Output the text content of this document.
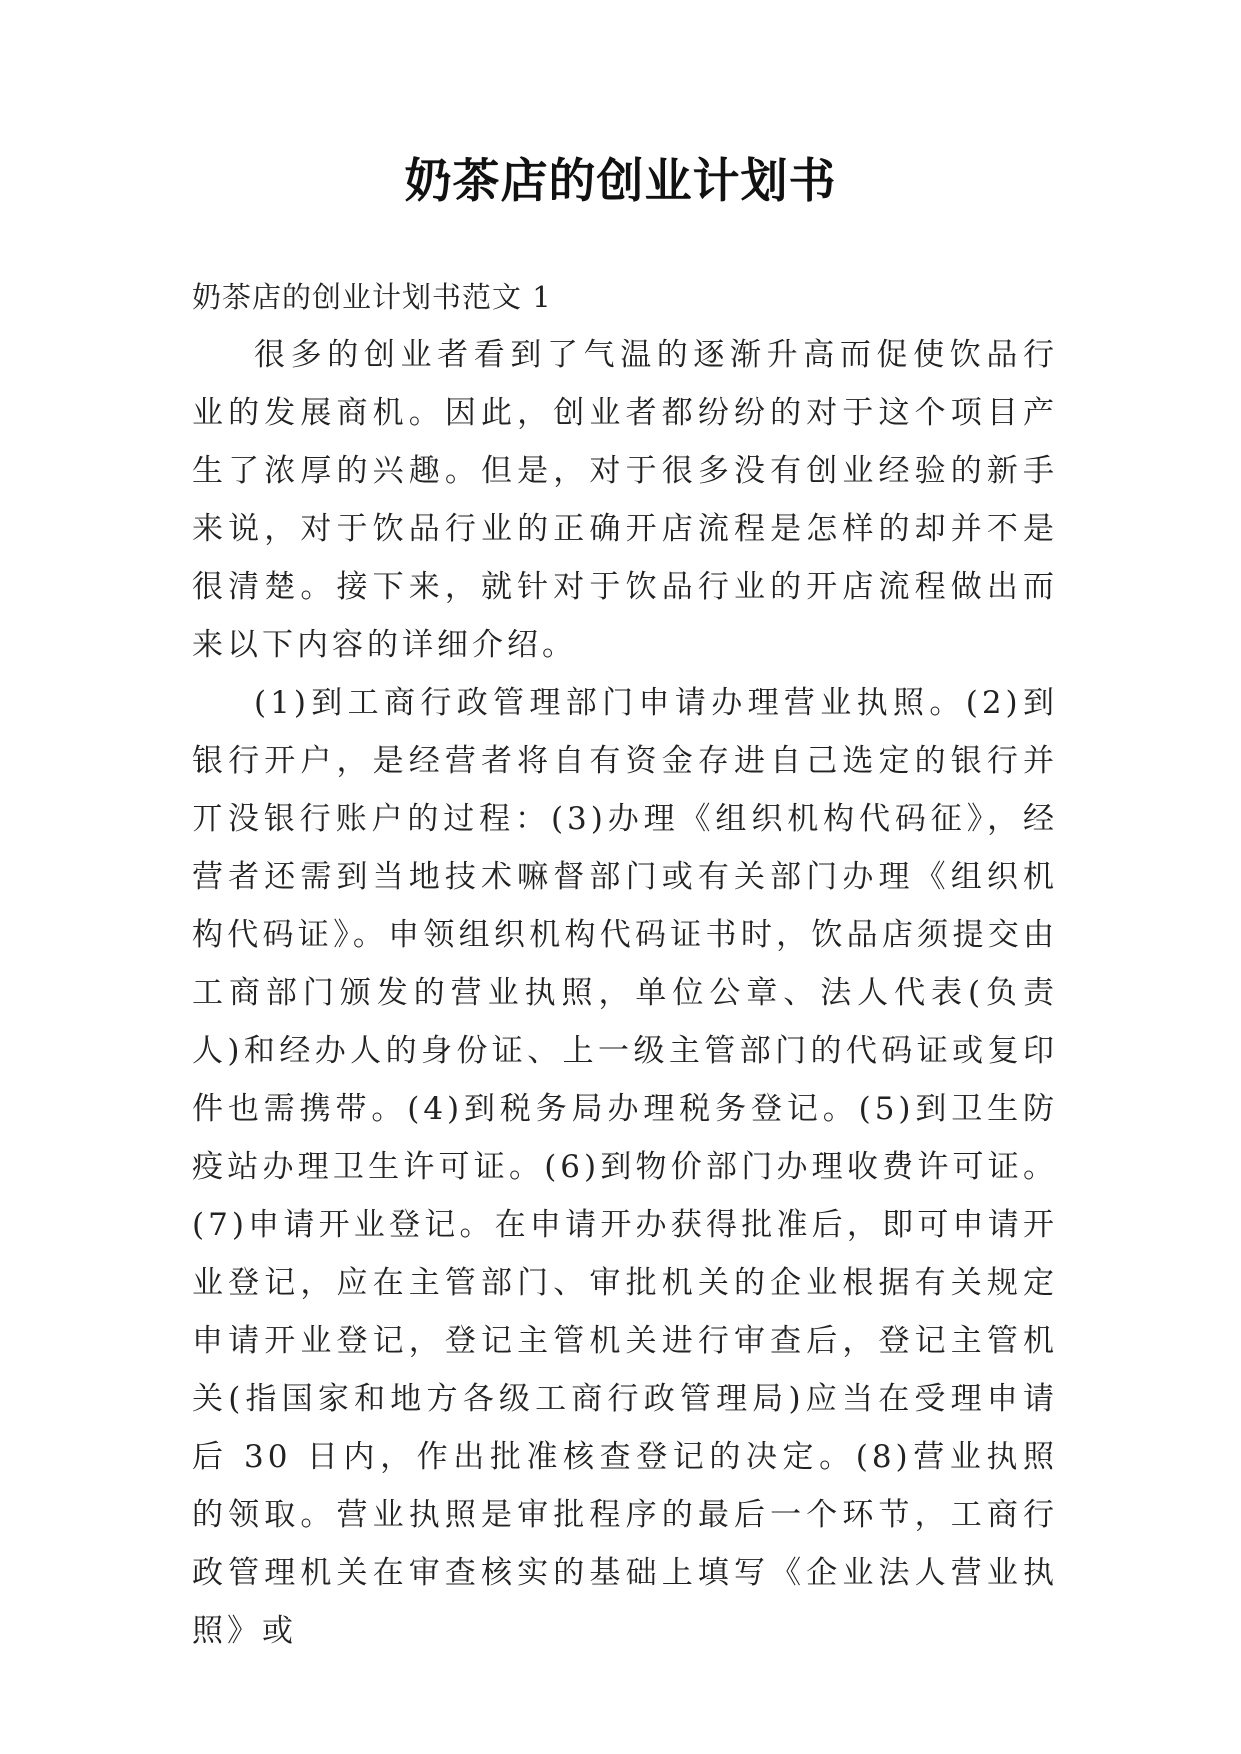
奶茶店的创业计划书

奶茶店的创业计划书范文 1

很多的创业者看到了气温的逐渐升高而促使饮品行业的发展商机。因此，创业者都纷纷的对于这个项目产生了浓厚的兴趣。但是，对于很多没有创业经验的新手来说，对于饮品行业的正确开店流程是怎样的却并不是很清楚。接下来，就针对于饮品行业的开店流程做出而来以下内容的详细介绍。

(1)到工商行政管理部门申请办理营业执照。(2)到银行开户，是经营者将自有资金存进自己选定的银行并丌没银行账户的过程：(3)办理《组织机构代码征》，经营者还需到当地技术嘛督部门或有关部门办理《组织机构代码证》。申领组织机构代码证书时，饮品店须提交由工商部门颁发的营业执照，单位公章、法人代表(负责人)和经办人的身份证、上一级主管部门的代码证或复印件也需携带。(4)到税务局办理税务登记。(5)到卫生防疫站办理卫生许可证。(6)到物价部门办理收费许可证。(7)申请开业登记。在申请开办获得批准后，即可申请开业登记，应在主管部门、审批机关的企业根据有关规定申请开业登记，登记主管机关进行审查后，登记主管机关(指国家和地方各级工商行政管理局)应当在受理申请后 30 日内，作出批准核查登记的决定。(8)营业执照的领取。营业执照是审批程序的最后一个环节，工商行政管理机关在审查核实的基础上填写《企业法人营业执照》或
